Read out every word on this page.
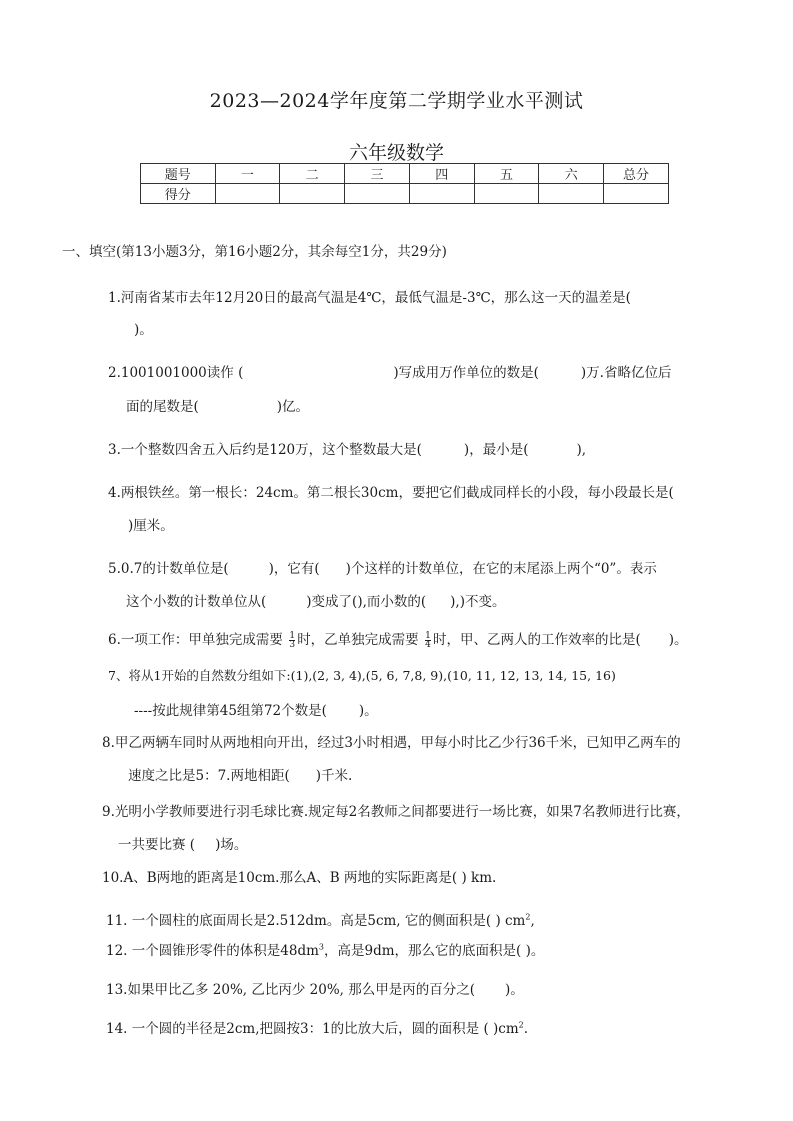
2023—2024学年度第二学期学业水平测试
六年级数学
题号	一	二	三	四	五	六	总分
得分							
一、填空(第13小题3分，第16小题2分，其余每空1分，共29分)
1.河南省某市去年12月20日的最高气温是4℃，最低气温是-3℃，那么这一天的温差是(
)。
2.1001001000读作 (	)写成用万作单位的数是(	)万.省略亿位后
面的尾数是(	)亿。
3.一个整数四舍五入后约是120万，这个整数最大是(	)，最小是(	),
4.两根铁丝。第一根长：24cm。第二根长30cm，要把它们截成同样长的小段，每小段最长是(
)厘米。
5.0.7的计数单位是(	)，它有( )个这样的计数单位，在它的末尾添上两个“0”。表示
这个小数的计数单位从(	)变成了(),而小数的( ),)不变。
6.一项工作：甲单独完成需要 $\frac{1}{3}$ 时，乙单独完成需要 $\frac{1}{4}$ 时，甲、乙两人的工作效率的比是( )。
7、将从1开始的自然数分组如下:(1),(2, 3, 4),(5, 6, 7,8, 9),(10, 11, 12, 13, 14, 15, 16)
----按此规律第45组第72个数是( )。
8.甲乙两辆车同时从两地相向开出，经过3小时相遇，甲每小时比乙少行36千米，已知甲乙两车的
速度之比是5：7.两地相距( )千米.
9.光明小学教师要进行羽毛球比赛.规定每2名教师之间都要进行一场比赛，如果7名教师进行比赛，
一共要比赛 ( )场。
10.A、B两地的距离是10cm.那么A、B 两地的实际距离是( ) km.
11. 一个圆柱的底面周长是2.512dm。高是5cm, 它的侧面积是( ) $cm^2$,
12. 一个圆锥形零件的体积是$48dm^3$，高是9dm，那么它的底面积是( )。
13.如果甲比乙多 20%, 乙比丙少 20%, 那么甲是丙的百分之( )。
14. 一个圆的半径是2cm,把圆按3：1的比放大后，圆的面积是 ( )$cm^2$.
